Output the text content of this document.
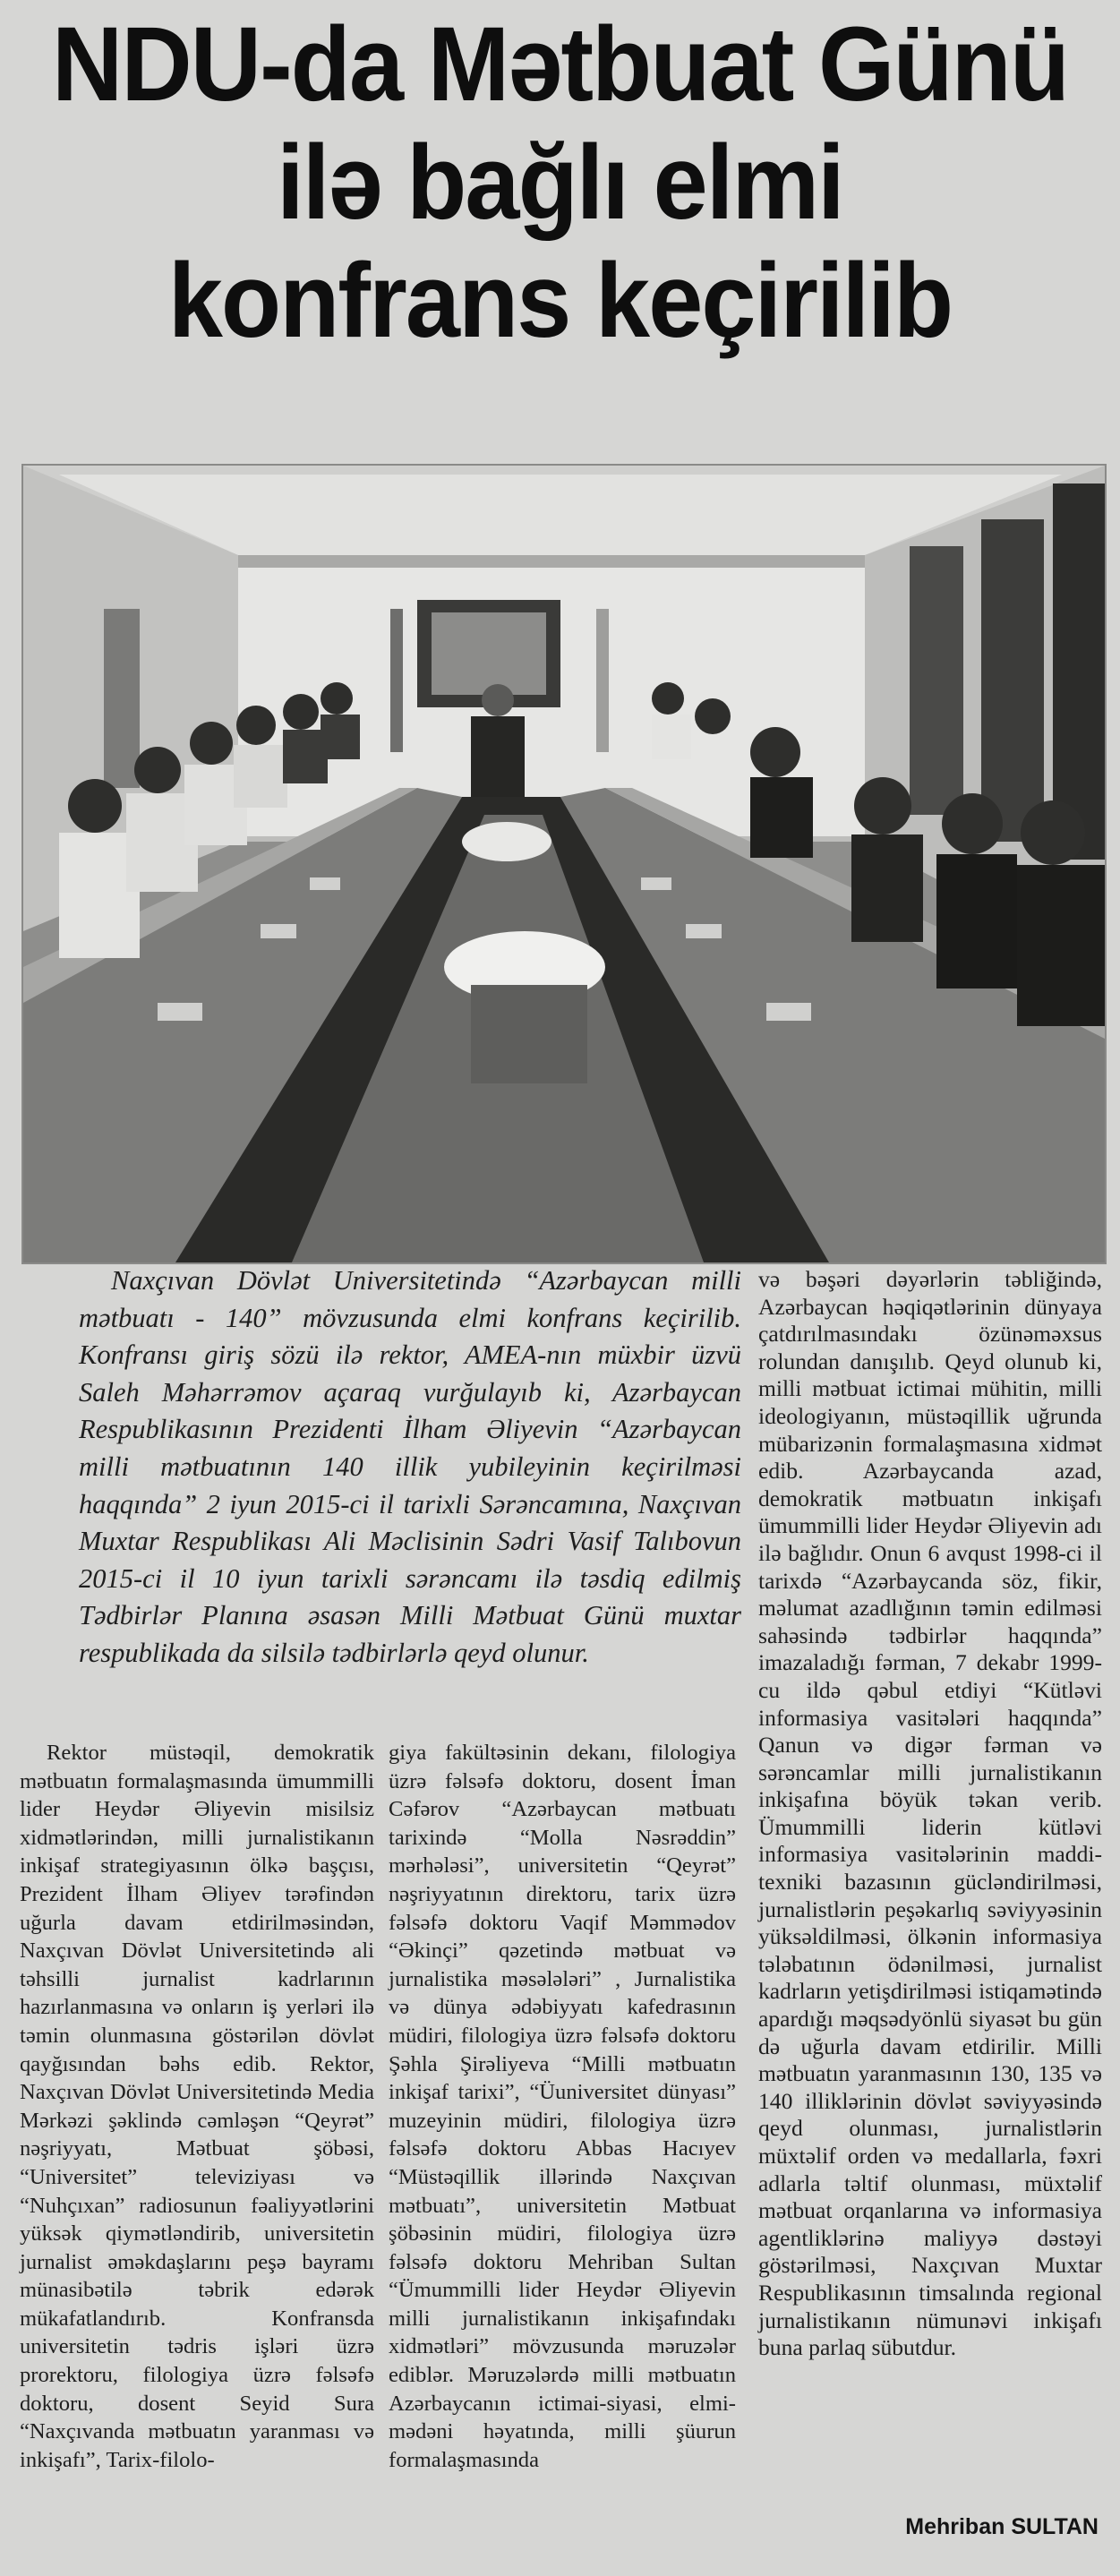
NDU-da Mətbuat Günü
ilə bağlı elmi
konfrans keçirilib

Naxçıvan Dövlət Universitetində “Azərbaycan milli mətbuatı - 140” mövzusunda elmi konfrans keçirilib. Konfransı giriş sözü ilə rektor, AMEA-nın müxbir üzvü Saleh Məhərrəmov açaraq vurğulayıb ki, Azərbaycan Respublikasının Prezidenti İlham Əliyevin “Azərbaycan milli mətbuatının 140 illik yubileyinin keçirilməsi haqqında” 2 iyun 2015-ci il tarixli Sərəncamına, Naxçıvan Muxtar Respublikası Ali Məclisinin Sədri Vasif Talıbovun 2015-ci il 10 iyun tarixli sərəncamı ilə təsdiq edilmiş Tədbirlər Planına əsasən Milli Mətbuat Günü muxtar respublikada da silsilə tədbirlərlə qeyd olunur.

və bəşəri dəyərlərin təbliğində, Azərbaycan həqiqətlərinin dünyaya çatdırılmasındakı özünəməxsus rolundan danışılıb. Qeyd olunub ki, milli mətbuat ictimai mühitin, milli ideologiyanın, müstəqillik uğrunda mübarizənin formalaşmasına xidmət edib. Azərbaycanda azad, demokratik mətbuatın inkişafı ümummilli lider Heydər Əliyevin adı ilə bağlıdır. Onun 6 avqust 1998-ci il tarixdə “Azərbaycanda söz, fikir, məlumat azadlığının təmin edilməsi sahəsində tədbirlər haqqında” imazaladığı fərman, 7 dekabr 1999-cu ildə qəbul etdiyi “Kütləvi informasiya vasitələri haqqında” Qanun və digər fərman və sərəncamlar milli jurnalistikanın inkişafına böyük təkan verib. Ümummilli liderin kütləvi informasiya vasitələrinin maddi-texniki bazasının gücləndirilməsi, jurnalistlərin peşəkarlıq səviyyəsinin yüksəldilməsi, ölkənin informasiya tələbatının ödənilməsi, jurnalist kadrların yetişdirilməsi istiqamətində apardığı məqsədyönlü siyasət bu gün də uğurla davam etdirilir. Milli mətbuatın yaranmasının 130, 135 və 140 illiklərinin dövlət səviyyəsində qeyd olunması, jurnalistlərin müxtəlif orden və medallarla, fəxri adlarla təltif olunması, müxtəlif mətbuat orqanlarına və informasiya agentliklərinə maliyyə dəstəyi göstərilməsi, Naxçıvan Muxtar Respublikasının timsalında regional jurnalistikanın nümunəvi inkişafı buna parlaq sübutdur.

Rektor müstəqil, demokratik mətbuatın formalaşmasında ümummilli lider Heydər Əliyevin misilsiz xidmətlərindən, milli jurnalistikanın inkişaf strategiyasının ölkə başçısı, Prezident İlham Əliyev tərəfindən uğurla davam etdirilməsindən, Naxçıvan Dövlət Universitetində ali təhsilli jurnalist kadrlarının hazırlanmasına və onların iş yerləri ilə təmin olunmasına göstərilən dövlət qayğısından bəhs edib. Rektor, Naxçıvan Dövlət Universitetində Media Mərkəzi şəklində cəmləşən “Qeyrət” nəşriyyatı, Mətbuat şöbəsi, “Universitet” televiziyası və “Nuhçıxan” radiosunun fəaliyyətlərini yüksək qiymətləndirib, universitetin jurnalist əməkdaşlarını peşə bayramı münasibətilə təbrik edərək mükafatlandırıb. Konfransda universitetin tədris işləri üzrə prorektoru, filologiya üzrə fəlsəfə doktoru, dosent Seyid Sura “Naxçıvanda mətbuatın yaranması və inkişafı”, Tarix-filolo-

giya fakültəsinin dekanı, filologiya üzrə fəlsəfə doktoru, dosent İman Cəfərov “Azərbaycan mətbuatı tarixində “Molla Nəsrəddin” mərhələsi”, universitetin “Qeyrət” nəşriyyatının direktoru, tarix üzrə fəlsəfə doktoru Vaqif Məmmədov “Əkinçi” qəzetində mətbuat və jurnalistika məsələləri” , Jurnalistika və dünya ədəbiyyatı kafedrasının müdiri, filologiya üzrə fəlsəfə doktoru Şəhla Şirəliyeva “Milli mətbuatın inkişaf tarixi”, “Üuniversitet dünyası” muzeyinin müdiri, filologiya üzrə fəlsəfə doktoru Abbas Hacıyev “Müstəqillik illərində Naxçıvan mətbuatı”, universitetin Mətbuat şöbəsinin müdiri, filologiya üzrə fəlsəfə doktoru Mehriban Sultan “Ümummilli lider Heydər Əliyevin milli jurnalistikanın inkişafındakı xidmətləri” mövzusunda məruzələr ediblər. Məruzələrdə milli mətbuatın Azərbaycanın ictimai-siyasi, elmi-mədəni həyatında, milli şüurun formalaşmasında

Mehriban SULTAN
